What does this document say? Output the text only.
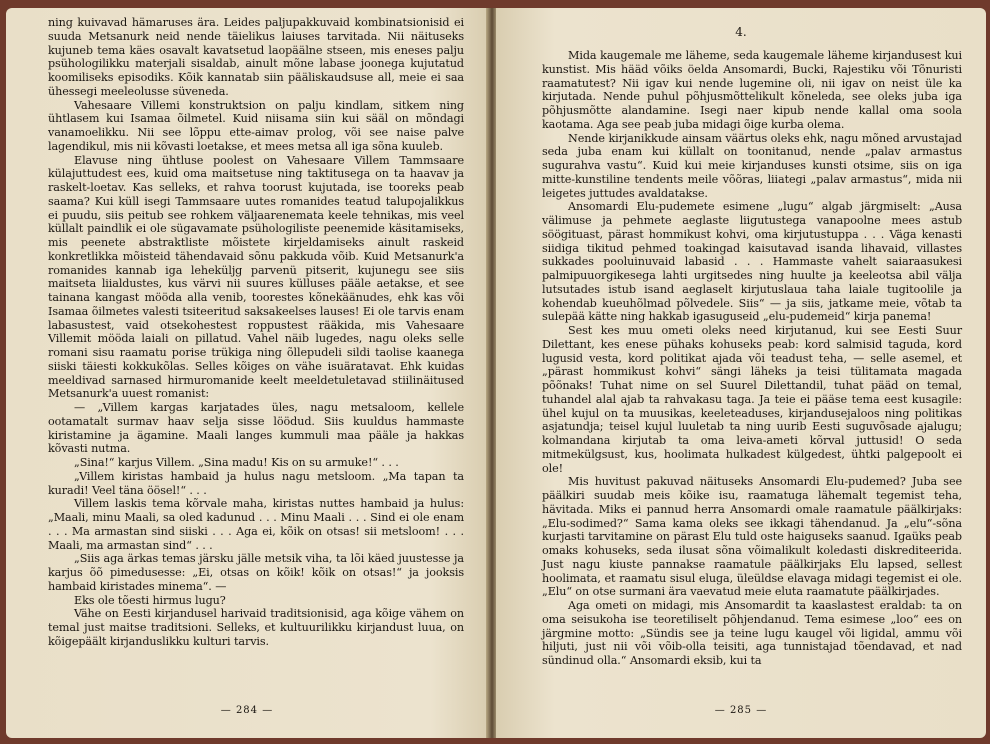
ning kuivavad hämaruses ära. Leides paljupakkuvaid kombinatsionisid ei suuda Metsanurk neid nende täielikus laiuses tarvitada. Nii näituseks kujuneb tema käes osavalt kavatsetud laopäälne stseen, mis eneses palju psühologilikku materjali sisaldab, ainult mõne labase joonega kujutatud koomiliseks episodiks. Kõik kannatab siin pääliskaudsuse all, meie ei saa ühessegi meeleolusse süveneda.

Vahesaare Villemi konstruktsion on palju kindlam, sitkem ning ühtlasem kui Isamaa õilmetel. Kuid niisama siin kui sääl on mõndagi vanamoelikku. Nii see lõppu ette-aimav prolog, või see naise palve lagendikul, mis nii kõvasti loetakse, et mees metsa all iga sõna kuuleb.

Elavuse ning ühtluse poolest on Vahesaare Villem Tammsaare külajuttudest ees, kuid oma maitsetuse ning taktitusega on ta haavav ja raskelt-loetav. Kas selleks, et rahva toorust kujutada, ise tooreks peab saama? Kui küll isegi Tammsaare uutes romanides teatud talupojalikkus ei puudu, siis peitub see rohkem väljaarenemata keele tehnikas, mis veel küllalt paindlik ei ole sügavamate psühologiliste peenemide käsitamiseks, mis peenete abstraktliste mõistete kirjeldamiseks ainult raskeid konkretlikka mõisteid tähendavaid sõnu pakkuda võib. Kuid Metsanurk'a romanides kannab iga leheküljg parvenü pitserit, kujunegu see siis maitseta liialdustes, kus värvi nii suures külluses pääle aetakse, et see tainana kangast mööda alla venib, toorestes kõnekäänudes, ehk kas või Isamaa õilmetes valesti tsiteeritud saksakeelses lauses! Ei ole tarvis enam labasustest, vaid otsekohestest roppustest rääkida, mis Vahesaare Villemit mööda laiali on pillatud. Vahel näib lugedes, nagu oleks selle romani sisu raamatu porise trükiga ning õllepudeli sildi taolise kaanega siiski täiesti kokkukõlas. Selles kõiges on vähe isuäratavat. Ehk kuidas meeldivad sarnased hirmuromanide keelt meeldetuletavad stiilinäitused Metsanurk'a uuest romanist:

— „Villem kargas karjatades üles, nagu metsaloom, kellele ootamatalt surmav haav selja sisse löödud. Siis kuuldus hammaste kiristamine ja ägamine. Maali langes kummuli maa pääle ja hakkas kõvasti nutma.

„Sina!“ karjus Villem. „Sina madu! Kis on su armuke!“ . . .

„Villem kiristas hambaid ja hulus nagu metsloom. „Ma tapan ta kuradi! Veel täna öösel!“ . . .

Villem laskis tema kõrvale maha, kiristas nuttes hambaid ja hulus: „Maali, minu Maali, sa oled kadunud . . . Minu Maali . . . Sind ei ole enam . . . Ma armastan sind siiski . . . Aga ei, kõik on otsas! sii metsloom! . . . Maali, ma armastan sind“ . . .

„Siis aga ärkas temas järsku jälle metsik viha, ta lõi käed juustesse ja karjus õõ pimedusesse: „Ei, otsas on kõik! kõik on otsas!“ ja jooksis hambaid kiristades minema“. —

Eks ole tõesti hirmus lugu?

Vähe on Eesti kirjandusel harivaid traditsionisid, aga kõige vähem on temal just maitse traditsioni. Selleks, et kultuurilikku kirjandust luua, on kõigepäält kirjanduslikku kulturi tarvis.

— 284 —
4.

Mida kaugemale me läheme, seda kaugemale läheme kirjandusest kui kunstist. Mis hääd võiks öelda Ansomardi, Bucki, Rajestiku või Tõnuristi raamatutest? Nii igav kui nende lugemine oli, nii igav on neist üle ka kirjutada. Nende puhul põhjusmõttelikult kõneleda, see oleks juba iga põhjusmõtte alandamine. Isegi naer kipub nende kallal oma soola kaotama. Aga see peab juba midagi õige kurba olema.

Nende kirjanikkude ainsam väärtus oleks ehk, nagu mõned arvustajad seda juba enam kui küllalt on toonitanud, nende „palav armastus sugurahva vastu“. Kuid kui meie kirjanduses kunsti otsime, siis on iga mitte-kunstiline tendents meile võõras, liiategi „palav armastus“, mida nii leigetes juttudes avaldatakse.

Ansomardi Elu-pudemete esimene „lugu“ algab järgmiselt: „Ausa välimuse ja pehmete aeglaste liigutustega vanapoolne mees astub söögituast, pärast hommikust kohvi, oma kirjutustuppa . . . Väga kenasti siidiga tikitud pehmed toakingad kaisutavad isanda lihavaid, villastes sukkades pooluinuvaid labasid . . . Hammaste vahelt saiaraasukesi palmipuuorgikesega lahti urgitsedes ning huulte ja keeleotsa abil välja lutsutades istub isand aeglaselt kirjutuslaua taha laiale tugitoolile ja kohendab kueuhõlmad põlvedele. Siis“ — ja siis, jatkame meie, võtab ta sulepää kätte ning hakkab igasuguseid „elu-pudemeid“ kirja panema!

Sest kes muu ometi oleks need kirjutanud, kui see Eesti Suur Dilettant, kes enese pühaks kohuseks peab: kord salmisid taguda, kord lugusid vesta, kord politikat ajada või teadust teha, — selle asemel, et „pärast hommikust kohvi“ sängi läheks ja teisi tülitamata magada põõnaks! Tuhat nime on sel Suurel Dilettandil, tuhat pääd on temal, tuhandel alal ajab ta rahvakasu taga. Ja teie ei pääse tema eest kusagile: ühel kujul on ta muusikas, keeleteaduses, kirjandusejaloos ning politikas asjatundja; teisel kujul luuletab ta ning uurib Eesti suguvõsade ajalugu; kolmandana kirjutab ta oma leiva-ameti kõrval juttusid! O seda mitmekülgsust, kus, hoolimata hulkadest külgedest, ühtki palgepoolt ei ole!

Mis huvitust pakuvad näituseks Ansomardi Elu-pudemed? Juba see päälkiri suudab meis kõike isu, raamatuga lähemalt tegemist teha, hävitada. Miks ei pannud herra Ansomardi omale raamatule päälkirjaks: „Elu-sodimed?“ Sama kama oleks see ikkagi tähendanud. Ja „elu“-sõna kurjasti tarvitamine on pärast Elu tuld oste haiguseks saanud. Igaüks peab omaks kohuseks, seda ilusat sõna võimalikult koledasti diskrediteerida. Just nagu kiuste pannakse raamatule päälkirjaks Elu lapsed, sellest hoolimata, et raamatu sisul eluga, üleüldse elavaga midagi tegemist ei ole. „Elu“ on otse surmani ära vaevatud meie eluta raamatute päälkirjades.

Aga ometi on midagi, mis Ansomardit ta kaaslastest eraldab: ta on oma seisukoha ise teoretiliselt põhjendanud. Tema esimese „loo“ ees on järgmine motto: „Sündis see ja teine lugu kaugel või ligidal, ammu või hiljuti, just nii või võib-olla teisiti, aga tunnistajad tõendavad, et nad sündinud olla.“ Ansomardi eksib, kui ta

— 285 —
